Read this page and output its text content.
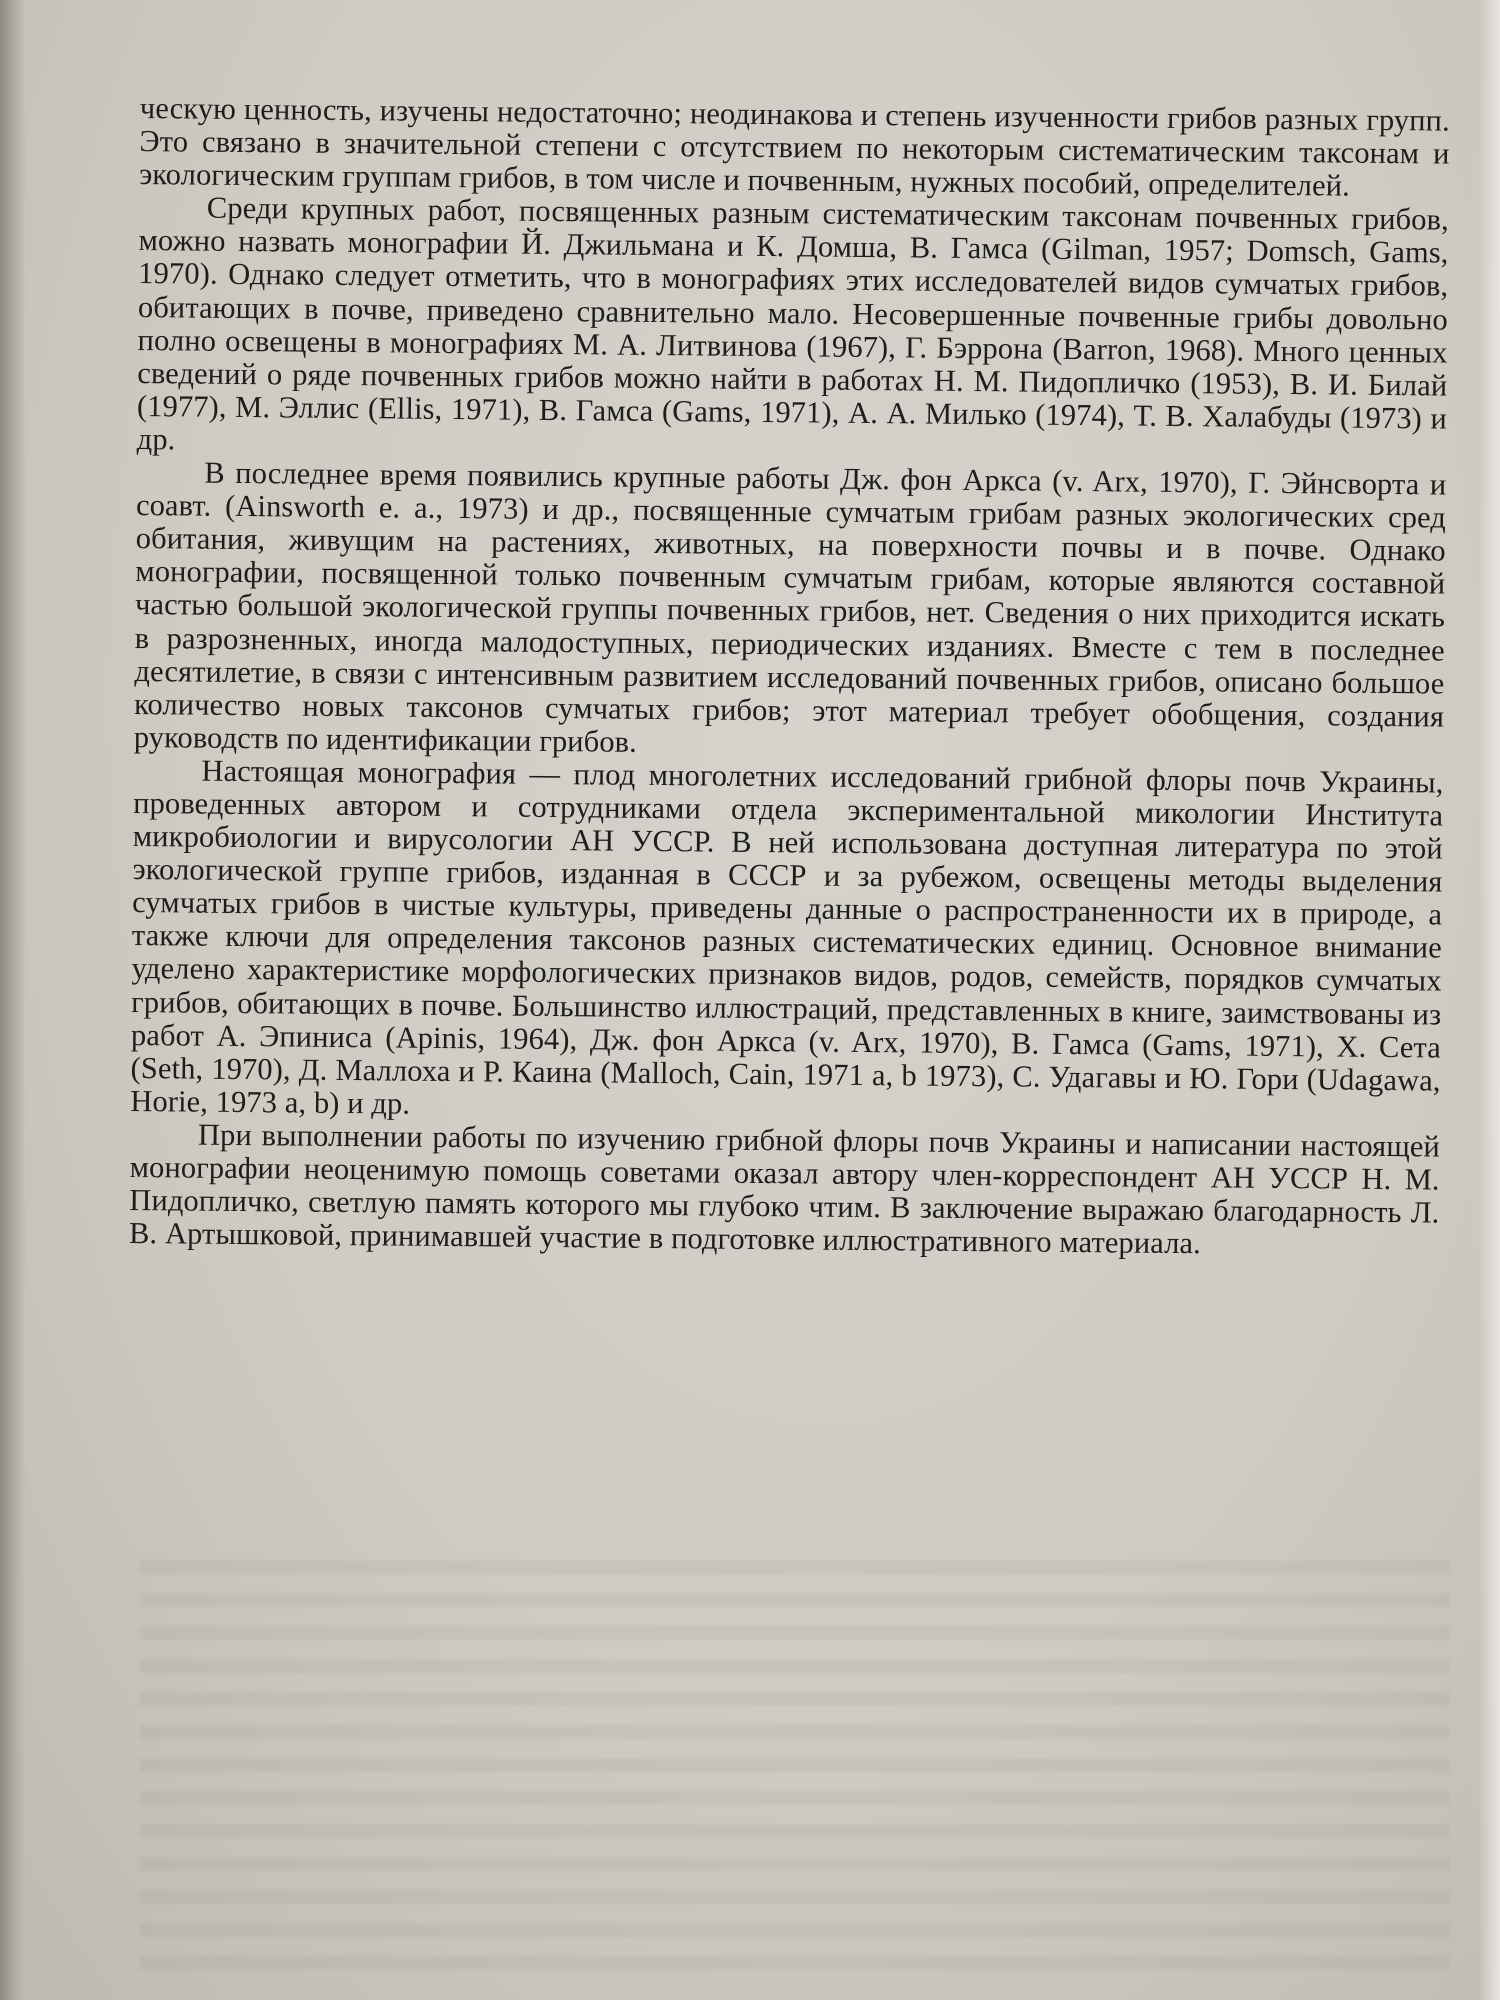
ческую ценность, изучены недостаточно; неодинакова и степень изученности грибов разных групп. Это связано в значительной степени с отсутствием по некоторым систематическим таксонам и экологическим группам грибов, в том числе и почвенным, нужных пособий, определителей.

Среди крупных работ, посвященных разным систематическим таксонам почвенных грибов, можно назвать монографии Й. Джильмана и К. Домша, В. Гамса (Gilman, 1957; Domsch, Gams, 1970). Однако следует отметить, что в монографиях этих исследователей видов сумчатых грибов, обитающих в почве, приведено сравнительно мало. Несовершенные почвенные грибы довольно полно освещены в монографиях М. А. Литвинова (1967), Г. Бэррона (Barron, 1968). Много ценных сведений о ряде почвенных грибов можно найти в работах Н. М. Пидопличко (1953), В. И. Билай (1977), М. Эллис (Ellis, 1971), В. Гамса (Gams, 1971), А. А. Милько (1974), Т. В. Халабуды (1973) и др.

В последнее время появились крупные работы Дж. фон Аркса (v. Arx, 1970), Г. Эйнсворта и соавт. (Ainsworth e. a., 1973) и др., посвященные сумчатым грибам разных экологических сред обитания, живущим на растениях, животных, на поверхности почвы и в почве. Однако монографии, посвященной только почвенным сумчатым грибам, которые являются составной частью большой экологической группы почвенных грибов, нет. Сведения о них приходится искать в разрозненных, иногда малодоступных, периодических изданиях. Вместе с тем в последнее десятилетие, в связи с интенсивным развитием исследований почвенных грибов, описано большое количество новых таксонов сумчатых грибов; этот материал требует обобщения, создания руководств по идентификации грибов.

Настоящая монография — плод многолетних исследований грибной флоры почв Украины, проведенных автором и сотрудниками отдела экспериментальной микологии Института микробиологии и вирусологии АН УССР. В ней использована доступная литература по этой экологической группе грибов, изданная в СССР и за рубежом, освещены методы выделения сумчатых грибов в чистые культуры, приведены данные о распространенности их в природе, а также ключи для определения таксонов разных систематических единиц. Основное внимание уделено характеристике морфологических признаков видов, родов, семейств, порядков сумчатых грибов, обитающих в почве. Большинство иллюстраций, представленных в книге, заимствованы из работ А. Эпиниса (Apinis, 1964), Дж. фон Аркса (v. Arx, 1970), В. Гамса (Gams, 1971), Х. Сета (Seth, 1970), Д. Маллоха и Р. Каина (Malloch, Cain, 1971 a, b 1973), С. Удагавы и Ю. Гори (Udagawa, Horie, 1973 a, b) и др.

При выполнении работы по изучению грибной флоры почв Украины и написании настоящей монографии неоценимую помощь советами оказал автору член-корреспондент АН УССР Н. М. Пидопличко, светлую память которого мы глубоко чтим. В заключение выражаю благодарность Л. В. Артышковой, принимавшей участие в подготовке иллюстративного материала.
